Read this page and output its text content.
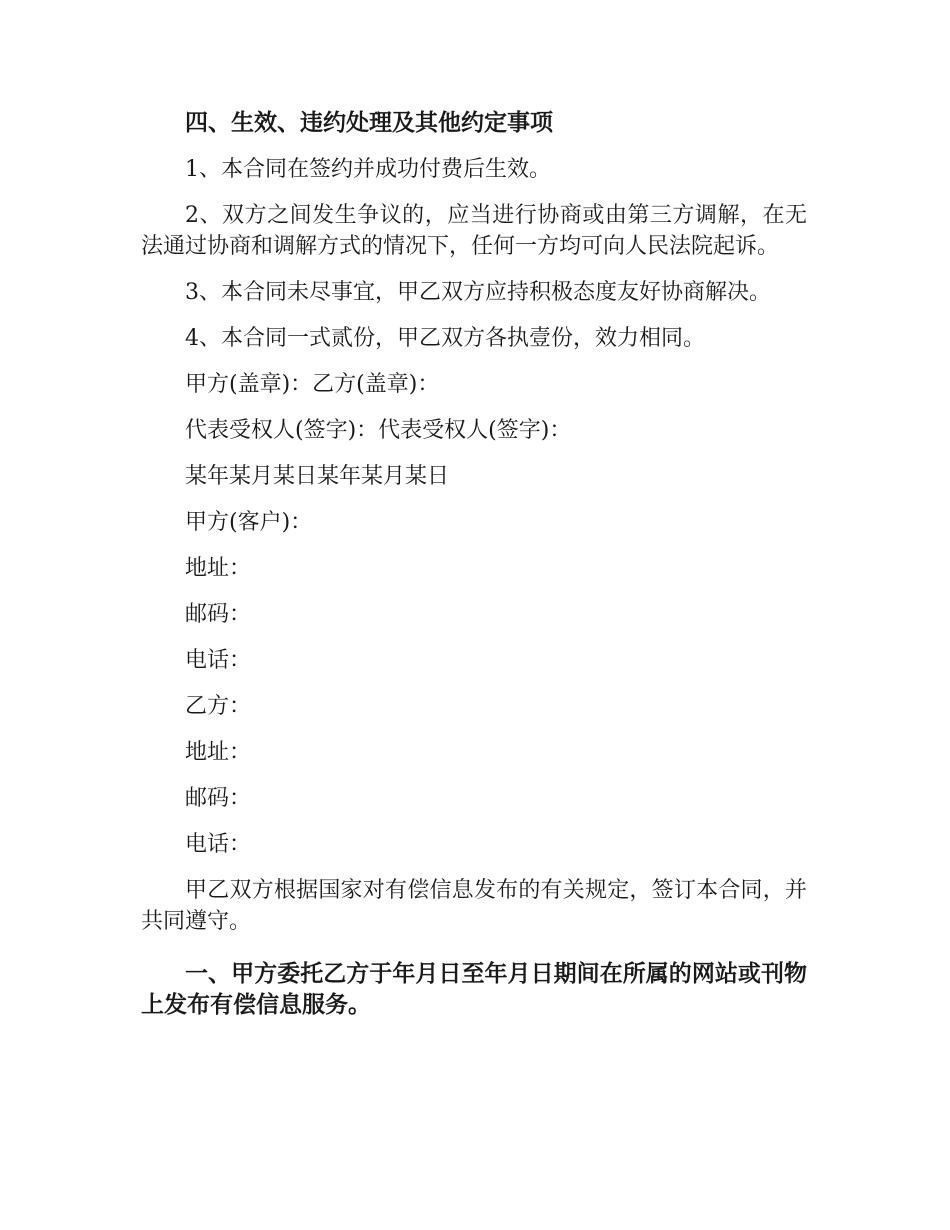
四、生效、违约处理及其他约定事项

1、本合同在签约并成功付费后生效。

2、双方之间发生争议的，应当进行协商或由第三方调解，在无法通过协商和调解方式的情况下，任何一方均可向人民法院起诉。

3、本合同未尽事宜，甲乙双方应持积极态度友好协商解决。

4、本合同一式贰份，甲乙双方各执壹份，效力相同。

甲方(盖章)：乙方(盖章)：

代表受权人(签字)：代表受权人(签字)：

某年某月某日某年某月某日

甲方(客户)：

地址：

邮码：

电话：

乙方：

地址：

邮码：

电话：

甲乙双方根据国家对有偿信息发布的有关规定，签订本合同，并共同遵守。

一、甲方委托乙方于年月日至年月日期间在所属的网站或刊物上发布有偿信息服务。
